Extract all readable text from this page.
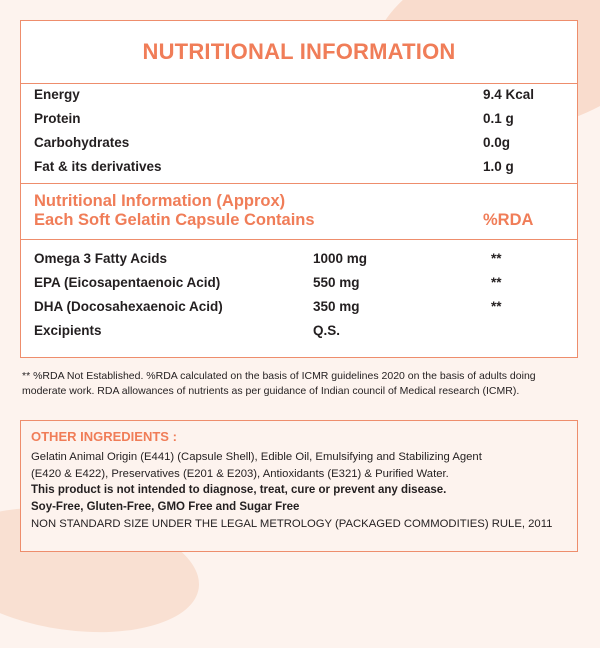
NUTRITIONAL INFORMATION
Energy	9.4 Kcal
Protein	0.1 g
Carbohydrates	0.0g
Fat & its derivatives	1.0 g
Nutritional Information (Approx)
Each Soft Gelatin Capsule Contains	%RDA
Omega 3 Fatty Acids	1000 mg	**
EPA (Eicosapentaenoic Acid)	550 mg	**
DHA (Docosahexaenoic Acid)	350 mg	**
Excipients	Q.S.
** %RDA Not Established. %RDA calculated on the basis of ICMR guidelines 2020 on the basis of adults doing
moderate work. RDA allowances of nutrients as per guidance of Indian council of Medical research (ICMR).
OTHER INGREDIENTS :
Gelatin Animal Origin (E441) (Capsule Shell), Edible Oil, Emulsifying and Stabilizing Agent
(E420 & E422), Preservatives (E201 & E203), Antioxidants (E321) & Purified Water.
This product is not intended to diagnose, treat, cure or prevent any disease.
Soy-Free, Gluten-Free, GMO Free and Sugar Free
NON STANDARD SIZE UNDER THE LEGAL METROLOGY (PACKAGED COMMODITIES) RULE, 2011
